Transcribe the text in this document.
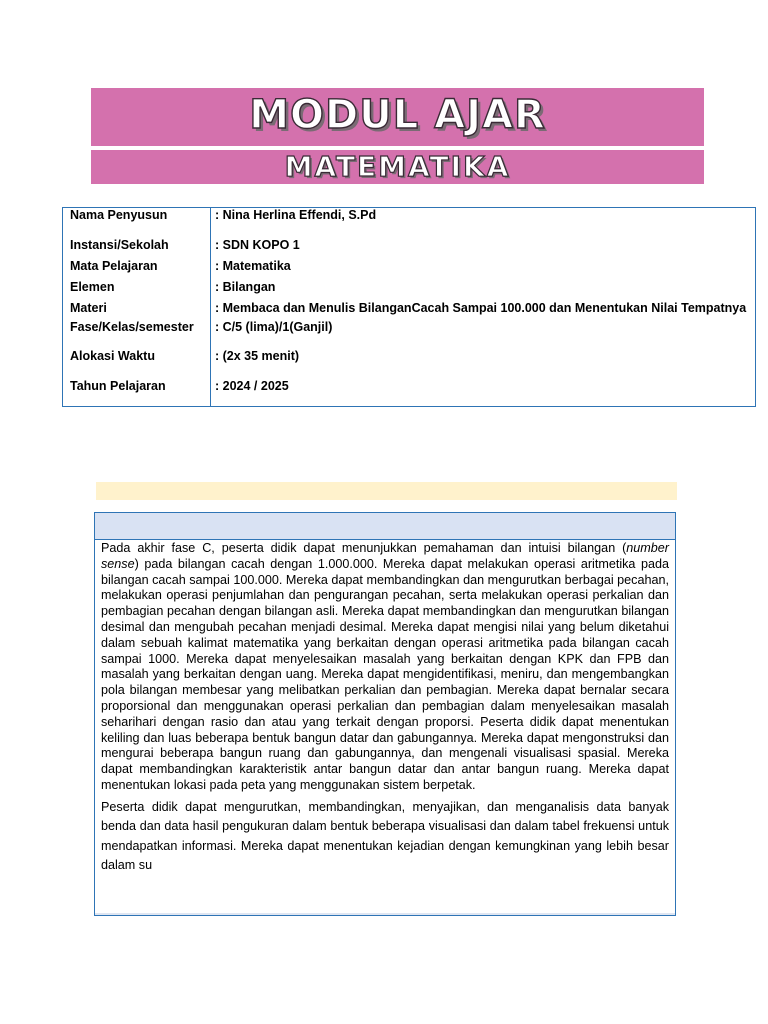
MODUL AJAR
MATEMATIKA
Nama Penyusun	: Nina Herlina Effendi, S.Pd
Instansi/Sekolah	: SDN KOPO 1
Mata Pelajaran	: Matematika
Elemen	: Bilangan
Materi	: Membaca dan Menulis BilanganCacah Sampai 100.000 dan Menentukan Nilai Tempatnya
Fase/Kelas/semester : C/5 (lima)/1(Ganjil)
Alokasi Waktu	: (2x 35 menit)
Tahun Pelajaran	: 2024 / 2025

Pada akhir fase C, peserta didik dapat menunjukkan pemahaman dan intuisi bilangan (number sense) pada bilangan cacah dengan 1.000.000. Mereka dapat melakukan operasi aritmetika pada bilangan cacah sampai 100.000. Mereka dapat membandingkan dan mengurutkan berbagai pecahan, melakukan operasi penjumlahan dan pengurangan pecahan, serta melakukan operasi perkalian dan pembagian pecahan dengan bilangan asli. Mereka dapat membandingkan dan mengurutkan bilangan desimal dan mengubah pecahan menjadi desimal. Mereka dapat mengisi nilai yang belum diketahui dalam sebuah kalimat matematika yang berkaitan dengan operasi aritmetika pada bilangan cacah sampai 1000. Mereka dapat menyelesaikan masalah yang berkaitan dengan KPK dan FPB dan masalah yang berkaitan dengan uang. Mereka dapat mengidentifikasi, meniru, dan mengembangkan pola bilangan membesar yang melibatkan perkalian dan pembagian. Mereka dapat bernalar secara proporsional dan menggunakan operasi perkalian dan pembagian dalam menyelesaikan masalah seharihari dengan rasio dan atau yang terkait dengan proporsi. Peserta didik dapat menentukan keliling dan luas beberapa bentuk bangun datar dan gabungannya. Mereka dapat mengonstruksi dan mengurai beberapa bangun ruang dan gabungannya, dan mengenali visualisasi spasial. Mereka dapat membandingkan karakteristik antar bangun datar dan antar bangun ruang. Mereka dapat menentukan lokasi pada peta yang menggunakan sistem berpetak.

Peserta didik dapat mengurutkan, membandingkan, menyajikan, dan menganalisis data banyak benda dan data hasil pengukuran dalam bentuk beberapa visualisasi dan dalam tabel frekuensi untuk mendapatkan informasi. Mereka dapat menentukan kejadian dengan kemungkinan yang lebih besar dalam su
